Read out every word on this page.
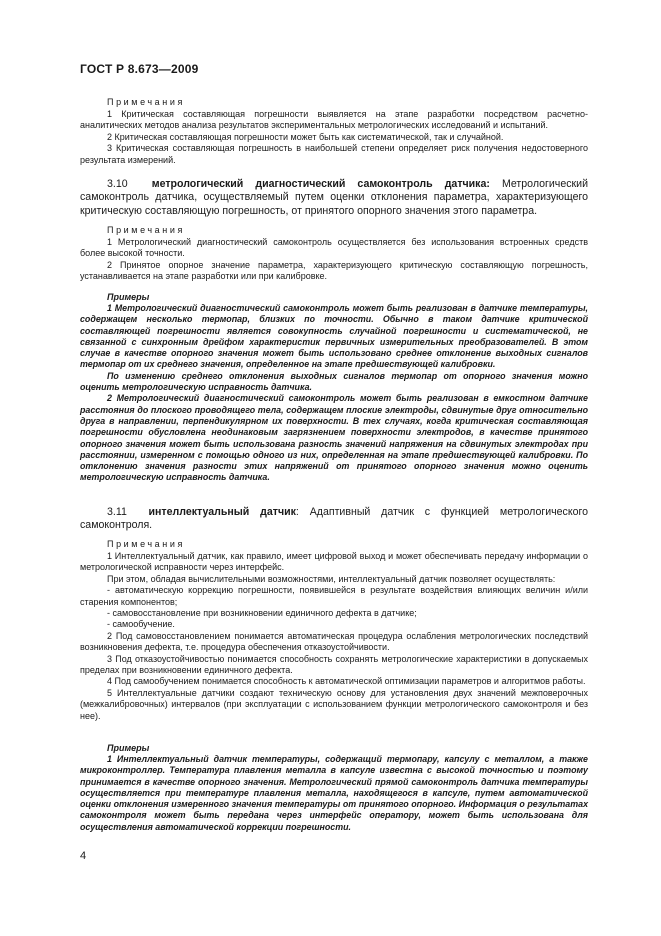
ГОСТ Р 8.673—2009
Примечания

1 Критическая составляющая погрешности выявляется на этапе разработки посредством расчетно-аналитических методов анализа результатов экспериментальных метрологических исследований и испытаний.

2 Критическая составляющая погрешности может быть как систематической, так и случайной.

3 Критическая составляющая погрешность в наибольшей степени определяет риск получения недостоверного результата измерений.

3.10 метрологический диагностический самоконтроль датчика: Метрологический самоконтроль датчика, осуществляемый путем оценки отклонения параметра, характеризующего критическую составляющую погрешность, от принятого опорного значения этого параметра.

Примечания

1 Метрологический диагностический самоконтроль осуществляется без использования встроенных средств более высокой точности.

2 Принятое опорное значение параметра, характеризующего критическую составляющую погрешность, устанавливается на этапе разработки или при калибровке.

Примеры

1 Метрологический диагностический самоконтроль может быть реализован в датчике температуры, содержащем несколько термопар, близких по точности. Обычно в таком датчике критической составляющей погрешности является совокупность случайной погрешности и систематической, не связанной с синхронным дрейфом характеристик первичных измерительных преобразователей. В этом случае в качестве опорного значения может быть использовано среднее отклонение выходных сигналов термопар от их среднего значения, определенное на этапе предшествующей калибровки.

По изменению среднего отклонения выходных сигналов термопар от опорного значения можно оценить метрологическую исправность датчика.

2 Метрологический диагностический самоконтроль может быть реализован в емкостном датчике расстояния до плоского проводящего тела, содержащем плоские электроды, сдвинутые друг относительно друга в направлении, перпендикулярном их поверхности. В тех случаях, когда критическая составляющая погрешности обусловлена неодинаковым загрязнением поверхности электродов, в качестве принятого опорного значения может быть использована разность значений напряжения на сдвинутых электродах при расстоянии, измеренном с помощью одного из них, определенная на этапе предшествующей калибровки. По отклонению значения разности этих напряжений от принятого опорного значения можно оценить метрологическую исправность датчика.

3.11 интеллектуальный датчик: Адаптивный датчик с функцией метрологического самоконтроля.

Примечания

1 Интеллектуальный датчик, как правило, имеет цифровой выход и может обеспечивать передачу информации о метрологической исправности через интерфейс.

При этом, обладая вычислительными возможностями, интеллектуальный датчик позволяет осуществлять:

- автоматическую коррекцию погрешности, появившейся в результате воздействия влияющих величин и/или старения компонентов;

- самовосстановление при возникновении единичного дефекта в датчике;

- самообучение.

2 Под самовосстановлением понимается автоматическая процедура ослабления метрологических последствий возникновения дефекта, т.е. процедура обеспечения отказоустойчивости.

3 Под отказоустойчивостью понимается способность сохранять метрологические характеристики в допускаемых пределах при возникновении единичного дефекта.

4 Под самообучением понимается способность к автоматической оптимизации параметров и алгоритмов работы.

5 Интеллектуальные датчики создают техническую основу для установления двух значений межповерочных (межкалибровочных) интервалов (при эксплуатации с использованием функции метрологического самоконтроля и без нее).

Примеры

1 Интеллектуальный датчик температуры, содержащий термопару, капсулу с металлом, а также микроконтроллер. Температура плавления металла в капсуле известна с высокой точностью и поэтому принимается в качестве опорного значения. Метрологический прямой самоконтроль датчика температуры осуществляется при температуре плавления металла, находящегося в капсуле, путем автоматической оценки отклонения измеренного значения температуры от принятого опорного. Информация о результатах самоконтроля может быть передана через интерфейс оператору, может быть использована для осуществления автоматической коррекции погрешности.

4
